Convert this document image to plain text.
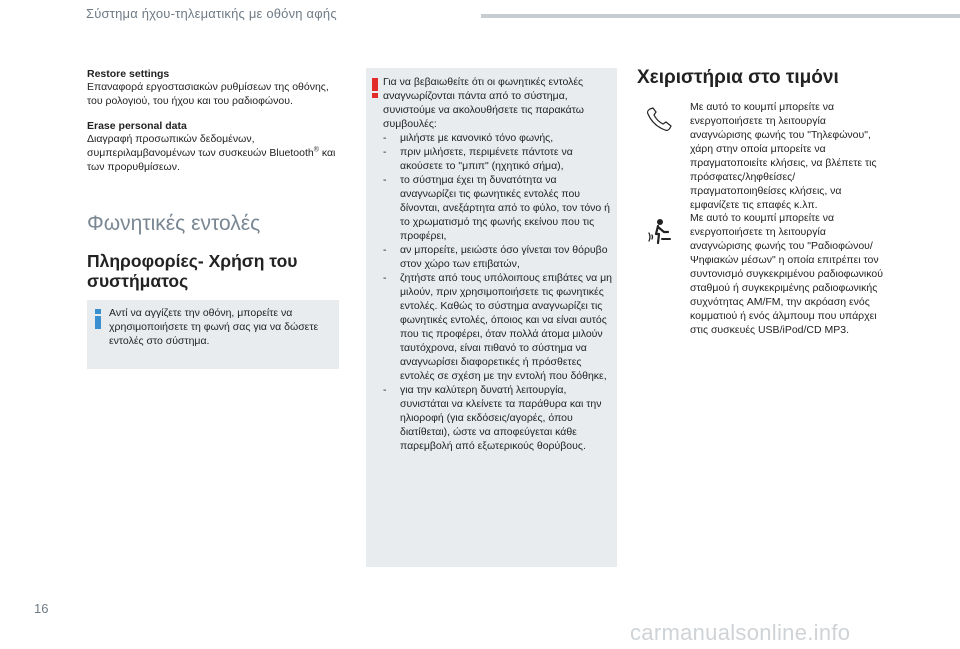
Σύστημα ήχου-τηλεματικής με οθόνη αφής
Restore settings
Επαναφορά εργοστασιακών ρυθμίσεων της οθόνης, του ρολογιού, του ήχου και του ραδιοφώνου.
Erase personal data
Διαγραφή προσωπικών δεδομένων, συμπεριλαμβανομένων των συσκευών Bluetooth® και των προρυθμίσεων.
Φωνητικές εντολές
Πληροφορίες- Χρήση του συστήματος
Αντί να αγγίζετε την οθόνη, μπορείτε να χρησιμοποιήσετε τη φωνή σας για να δώσετε εντολές στο σύστημα.
Για να βεβαιωθείτε ότι οι φωνητικές εντολές αναγνωρίζονται πάντα από το σύστημα, συνιστούμε να ακολουθήσετε τις παρακάτω συμβουλές:
- μιλήστε με κανονικό τόνο φωνής,
- πριν μιλήσετε, περιμένετε πάντοτε να ακούσετε το "μπιπ" (ηχητικό σήμα),
- το σύστημα έχει τη δυνατότητα να αναγνωρίζει τις φωνητικές εντολές που δίνονται, ανεξάρτητα από το φύλο, τον τόνο ή το χρωματισμό της φωνής εκείνου που τις προφέρει,
- αν μπορείτε, μειώστε όσο γίνεται τον θόρυβο στον χώρο των επιβατών,
- ζητήστε από τους υπόλοιπους επιβάτες να μη μιλούν, πριν χρησιμοποιήσετε τις φωνητικές εντολές. Καθώς το σύστημα αναγνωρίζει τις φωνητικές εντολές, όποιος και να είναι αυτός που τις προφέρει, όταν πολλά άτομα μιλούν ταυτόχρονα, είναι πιθανό το σύστημα να αναγνωρίσει διαφορετικές ή πρόσθετες εντολές σε σχέση με την εντολή που δόθηκε,
- για την καλύτερη δυνατή λειτουργία, συνιστάται να κλείνετε τα παράθυρα και την ηλιοροφή (για εκδόσεις/αγορές, όπου διατίθεται), ώστε να αποφεύγεται κάθε παρεμβολή από εξωτερικούς θορύβους.
Χειριστήρια στο τιμόνι
Με αυτό το κουμπί μπορείτε να ενεργοποιήσετε τη λειτουργία αναγνώρισης φωνής του "Τηλεφώνου", χάρη στην οποία μπορείτε να πραγματοποιείτε κλήσεις, να βλέπετε τις πρόσφατες/ληφθείσες/πραγματοποιηθείσες κλήσεις, να εμφανίζετε τις επαφές κ.λπ.
Με αυτό το κουμπί μπορείτε να ενεργοποιήσετε τη λειτουργία αναγνώρισης φωνής του "Ραδιοφώνου/Ψηφιακών μέσων" η οποία επιτρέπει τον συντονισμό συγκεκριμένου ραδιοφωνικού σταθμού ή συγκεκριμένης ραδιοφωνικής συχνότητας AM/FM, την ακρόαση ενός κομματιού ή ενός άλμπουμ που υπάρχει στις συσκευές USB/iPod/CD MP3.
16
carmanualsonline.info
